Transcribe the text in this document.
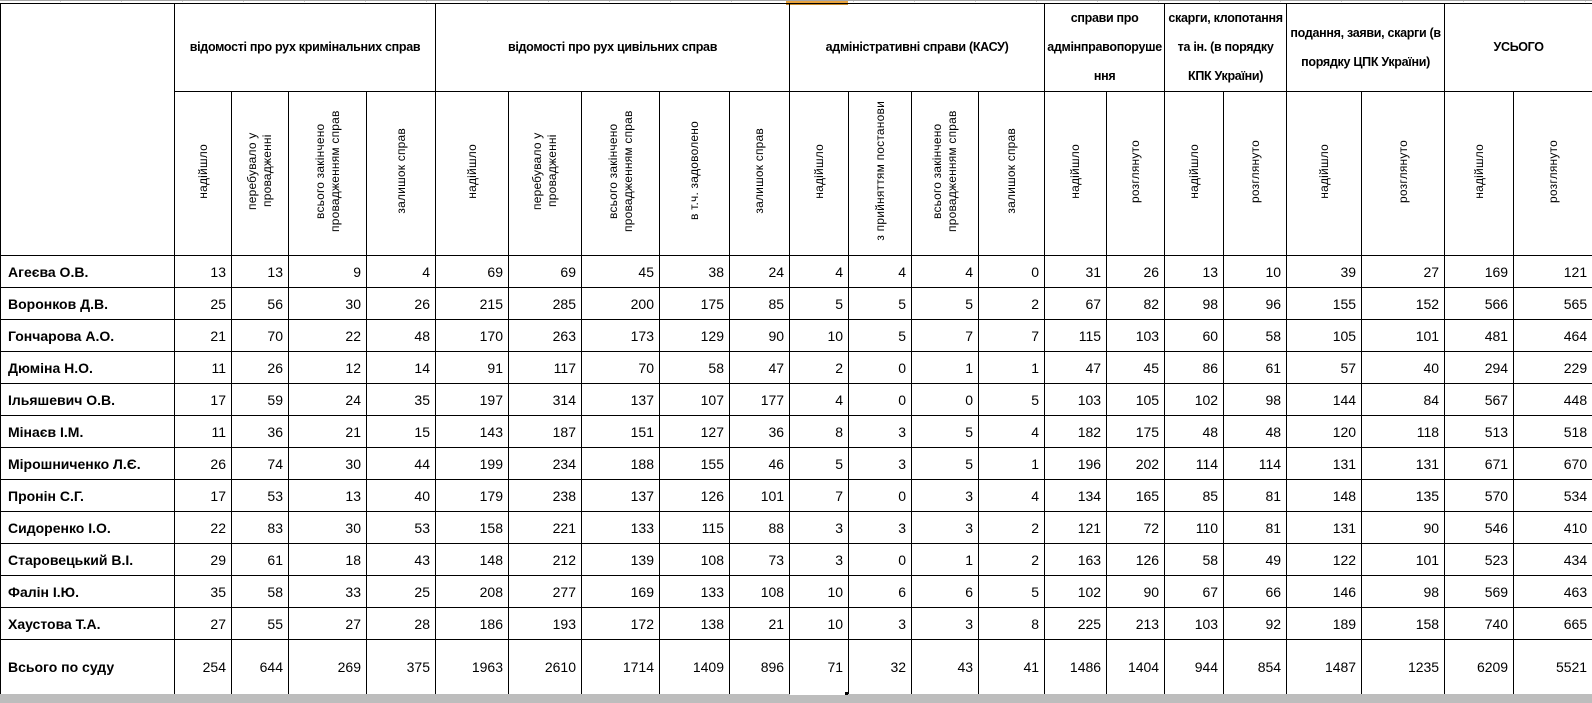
	відомості про рух кримінальних справ				відомості про рух цивільних справ					адміністративні справи (КАСУ)				справи про адмінправопорушення		скарги, клопотання та ін. (в порядку КПК України)		подання, заяви, скарги (в порядку ЦПК України)		УСЬОГО	
	надійшло	перебувало у провадженні	всього закінчено провадженням справ	залишок справ	надійшло	перебувало у провадженні	всього закінчено провадженням справ	в т.ч. задоволено	залишок справ	надійшло	з прийняттям постанови	всього закінчено провадженням справ	залишок справ	надійшло	розглянуто	надійшло	розглянуто	надійшло	розглянуто	надійшло	розглянуто
Агеєва О.В.	13	13	9	4	69	69	45	38	24	4	4	4	0	31	26	13	10	39	27	169	121
Воронков Д.В.	25	56	30	26	215	285	200	175	85	5	5	5	2	67	82	98	96	155	152	566	565
Гончарова А.О.	21	70	22	48	170	263	173	129	90	10	5	7	7	115	103	60	58	105	101	481	464
Дюміна Н.О.	11	26	12	14	91	117	70	58	47	2	0	1	1	47	45	86	61	57	40	294	229
Ільяшевич О.В.	17	59	24	35	197	314	137	107	177	4	0	0	5	103	105	102	98	144	84	567	448
Мінаєв І.М.	11	36	21	15	143	187	151	127	36	8	3	5	4	182	175	48	48	120	118	513	518
Мірошниченко Л.Є.	26	74	30	44	199	234	188	155	46	5	3	5	1	196	202	114	114	131	131	671	670
Пронін С.Г.	17	53	13	40	179	238	137	126	101	7	0	3	4	134	165	85	81	148	135	570	534
Сидоренко І.О.	22	83	30	53	158	221	133	115	88	3	3	3	2	121	72	110	81	131	90	546	410
Старовецький В.І.	29	61	18	43	148	212	139	108	73	3	0	1	2	163	126	58	49	122	101	523	434
Фалін І.Ю.	35	58	33	25	208	277	169	133	108	10	6	6	5	102	90	67	66	146	98	569	463
Хаустова Т.А.	27	55	27	28	186	193	172	138	21	10	3	3	8	225	213	103	92	189	158	740	665
Всього по суду	254	644	269	375	1963	2610	1714	1409	896	71	32	43	41	1486	1404	944	854	1487	1235	6209	5521
